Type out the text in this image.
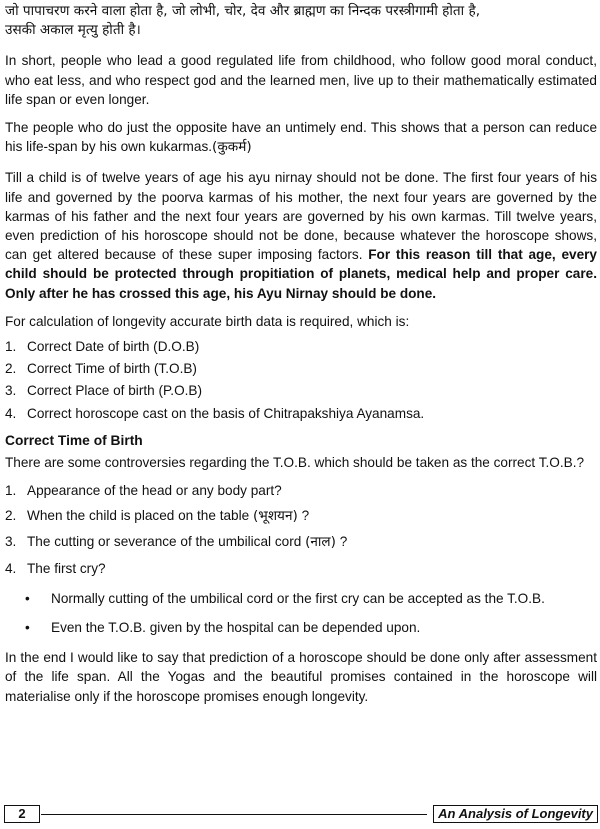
जो पापाचरण करने वाला होता है, जो लोभी, चोर, देव और ब्राह्मण का निन्दक परस्त्रीगामी होता है,
उसकी अकाल मृत्यु होती है।

In short, people who lead a good regulated life from childhood, who follow good moral conduct, who eat less, and who respect god and the learned men, live up to their mathematically estimated life span or even longer.

The people who do just the opposite have an untimely end. This shows that a person can reduce his life-span by his own kukarmas.(कुकर्म)

Till a child is of twelve years of age his ayu nirnay should not be done. The first four years of his life and governed by the poorva karmas of his mother, the next four years are governed by the karmas of his father and the next four years are governed by his own karmas. Till twelve years, even prediction of his horoscope should not be done, because whatever the horoscope shows, can get altered because of these super imposing factors. For this reason till that age, every child should be protected through propitiation of planets, medical help and proper care. Only after he has crossed this age, his Ayu Nirnay should be done.

For calculation of longevity accurate birth data is required, which is:

1. Correct Date of birth (D.O.B)
2. Correct Time of birth (T.O.B)
3. Correct Place of birth (P.O.B)
4. Correct horoscope cast on the basis of Chitrapakshiya Ayanamsa.
Correct Time of Birth

There are some controversies regarding the T.O.B. which should be taken as the correct T.O.B.?

1. Appearance of the head or any body part?
2. When the child is placed on the table (भूशयन) ?
3. The cutting or severance of the umbilical cord (नाल) ?
4. The first cry?
•	Normally cutting of the umbilical cord or the first cry can be accepted as the T.O.B.
•	Even the T.O.B. given by the hospital can be depended upon.

In the end I would like to say that prediction of a horoscope should be done only after assessment of the life span. All the Yogas and the beautiful promises contained in the horoscope will materialise only if the horoscope promises enough longevity.

2	An Analysis of Longevity
